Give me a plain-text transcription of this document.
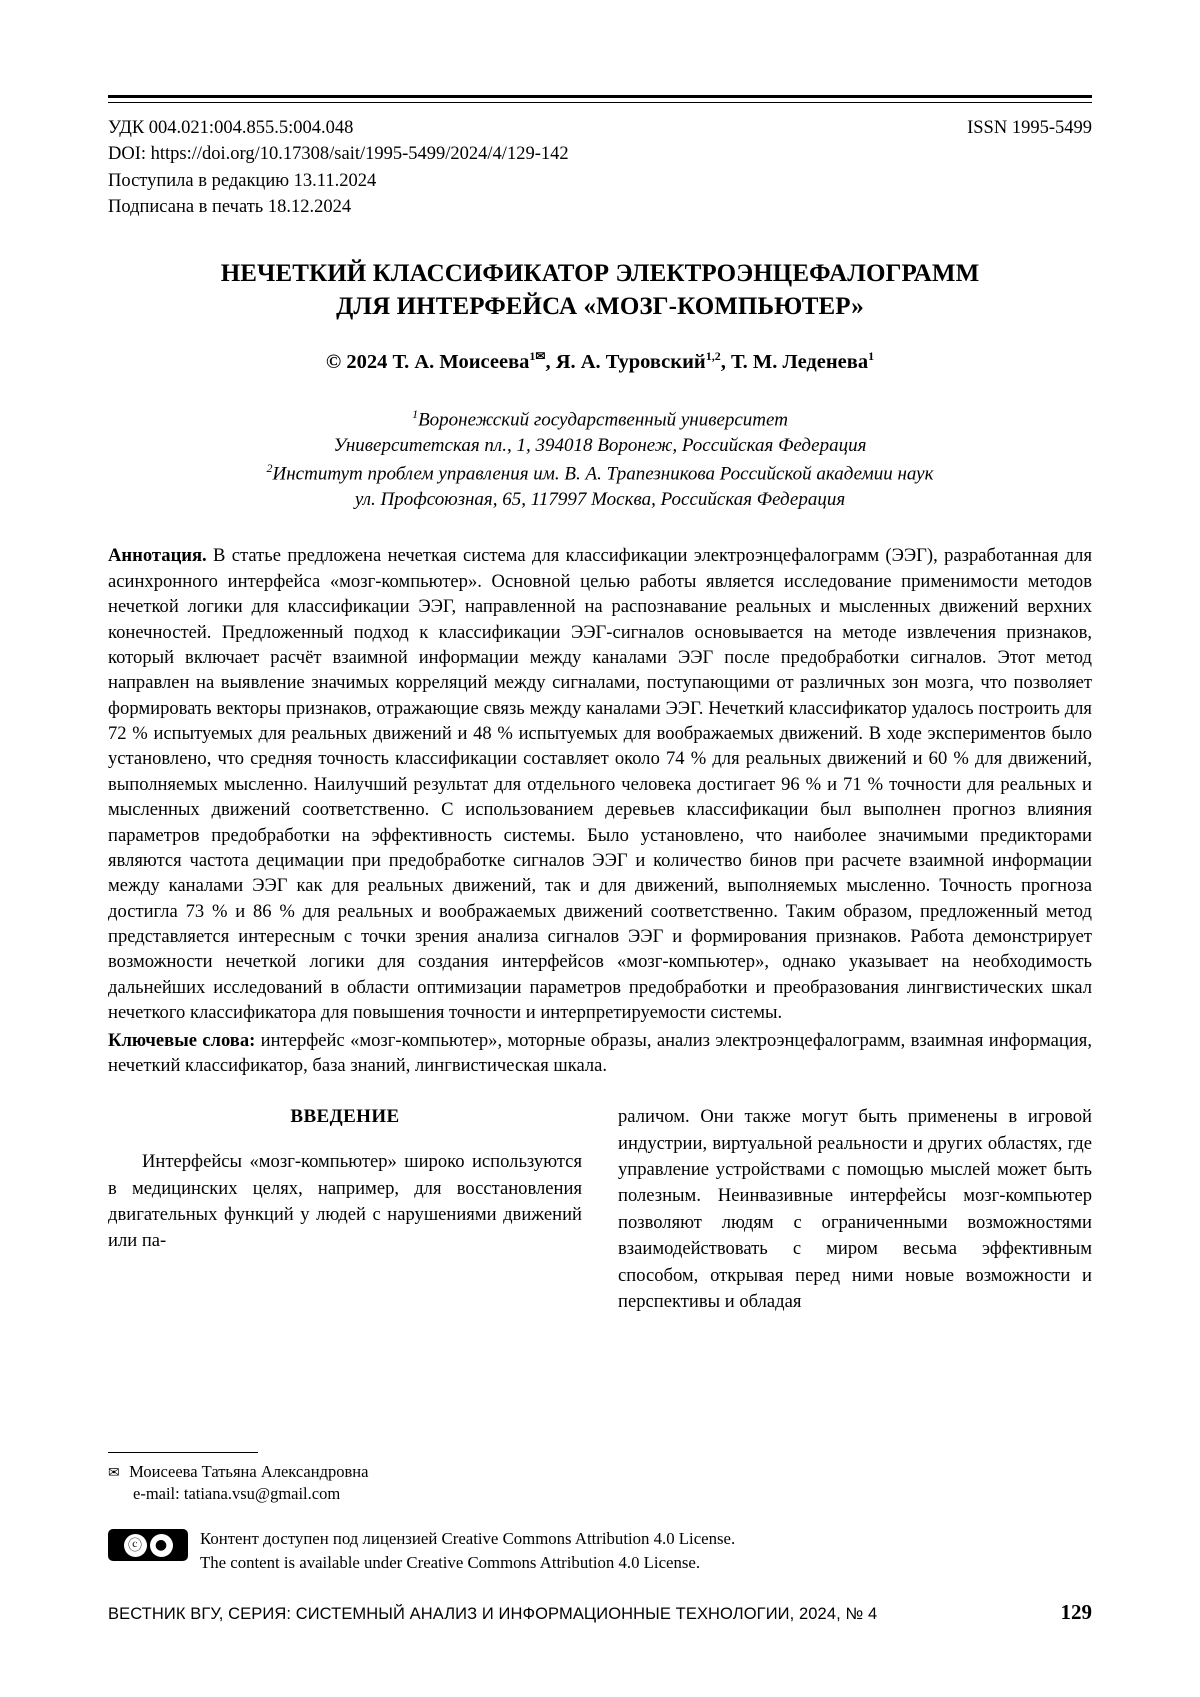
УДК 004.021:004.855.5:004.048	ISSN 1995-5499
DOI: https://doi.org/10.17308/sait/1995-5499/2024/4/129-142
Поступила в редакцию 13.11.2024
Подписана в печать 18.12.2024
НЕЧЕТКИЙ КЛАССИФИКАТОР ЭЛЕКТРОЭНЦЕФАЛОГРАММ
ДЛЯ ИНТЕРФЕЙСА «МОЗГ-КОМПЬЮТЕР»
© 2024 Т. А. Моисеева$^{1✉}$, Я. А. Туровский$^{1,2}$, Т. М. Леденева$^1$
$^1$Воронежский государственный университет
Университетская пл., 1, 394018 Воронеж, Российская Федерация
$^2$Институт проблем управления им. В. А. Трапезникова Российской академии наук
ул. Профсоюзная, 65, 117997 Москва, Российская Федерация
Аннотация. В статье предложена нечеткая система для классификации электроэнцефалограмм (ЭЭГ), разработанная для асинхронного интерфейса «мозг-компьютер». Основной целью работы является исследование применимости методов нечеткой логики для классификации ЭЭГ, направленной на распознавание реальных и мысленных движений верхних конечностей. Предложенный подход к классификации ЭЭГ-сигналов основывается на методе извлечения признаков, который включает расчёт взаимной информации между каналами ЭЭГ после предобработки сигналов. Этот метод направлен на выявление значимых корреляций между сигналами, поступающими от различных зон мозга, что позволяет формировать векторы признаков, отражающие связь между каналами ЭЭГ. Нечеткий классификатор удалось построить для 72 % испытуемых для реальных движений и 48 % испытуемых для воображаемых движений. В ходе экспериментов было установлено, что средняя точность классификации составляет около 74 % для реальных движений и 60 % для движений, выполняемых мысленно. Наилучший результат для отдельного человека достигает 96 % и 71 % точности для реальных и мысленных движений соответственно. С использованием деревьев классификации был выполнен прогноз влияния параметров предобработки на эффективность системы. Было установлено, что наиболее значимыми предикторами являются частота децимации при предобработке сигналов ЭЭГ и количество бинов при расчете взаимной информации между каналами ЭЭГ как для реальных движений, так и для движений, выполняемых мысленно. Точность прогноза достигла 73 % и 86 % для реальных и воображаемых движений соответственно. Таким образом, предложенный метод представляется интересным с точки зрения анализа сигналов ЭЭГ и формирования признаков. Работа демонстрирует возможности нечеткой логики для создания интерфейсов «мозг-компьютер», однако указывает на необходимость дальнейших исследований в области оптимизации параметров предобработки и преобразования лингвистических шкал нечеткого классификатора для повышения точности и интерпретируемости системы.
Ключевые слова: интерфейс «мозг-компьютер», моторные образы, анализ электроэнцефалограмм, взаимная информация, нечеткий классификатор, база знаний, лингвистическая шкала.
ВВЕДЕНИЕ

Интерфейсы «мозг-компьютер» широко используются в медицинских целях, например, для восстановления двигательных функций у людей с нарушениями движений или па-

раличом. Они также могут быть применены в игровой индустрии, виртуальной реальности и других областях, где управление устройствами с помощью мыслей может быть полезным. Неинвазивные интерфейсы мозг-компьютер позволяют людям с ограниченными возможностями взаимодействовать с миром весьма эффективным способом, открывая перед ними новые возможности и перспективы и обладая

✉ Моисеева Татьяна Александровна
e-mail: tatiana.vsu@gmail.com
ⓒ ●	Контент доступен под лицензией Creative Commons Attribution 4.0 License.
The content is available under Creative Commons Attribution 4.0 License.
ВЕСТНИК ВГУ, СЕРИЯ: СИСТЕМНЫЙ АНАЛИЗ И ИНФОРМАЦИОННЫЕ ТЕХНОЛОГИИ, 2024, № 4	129
